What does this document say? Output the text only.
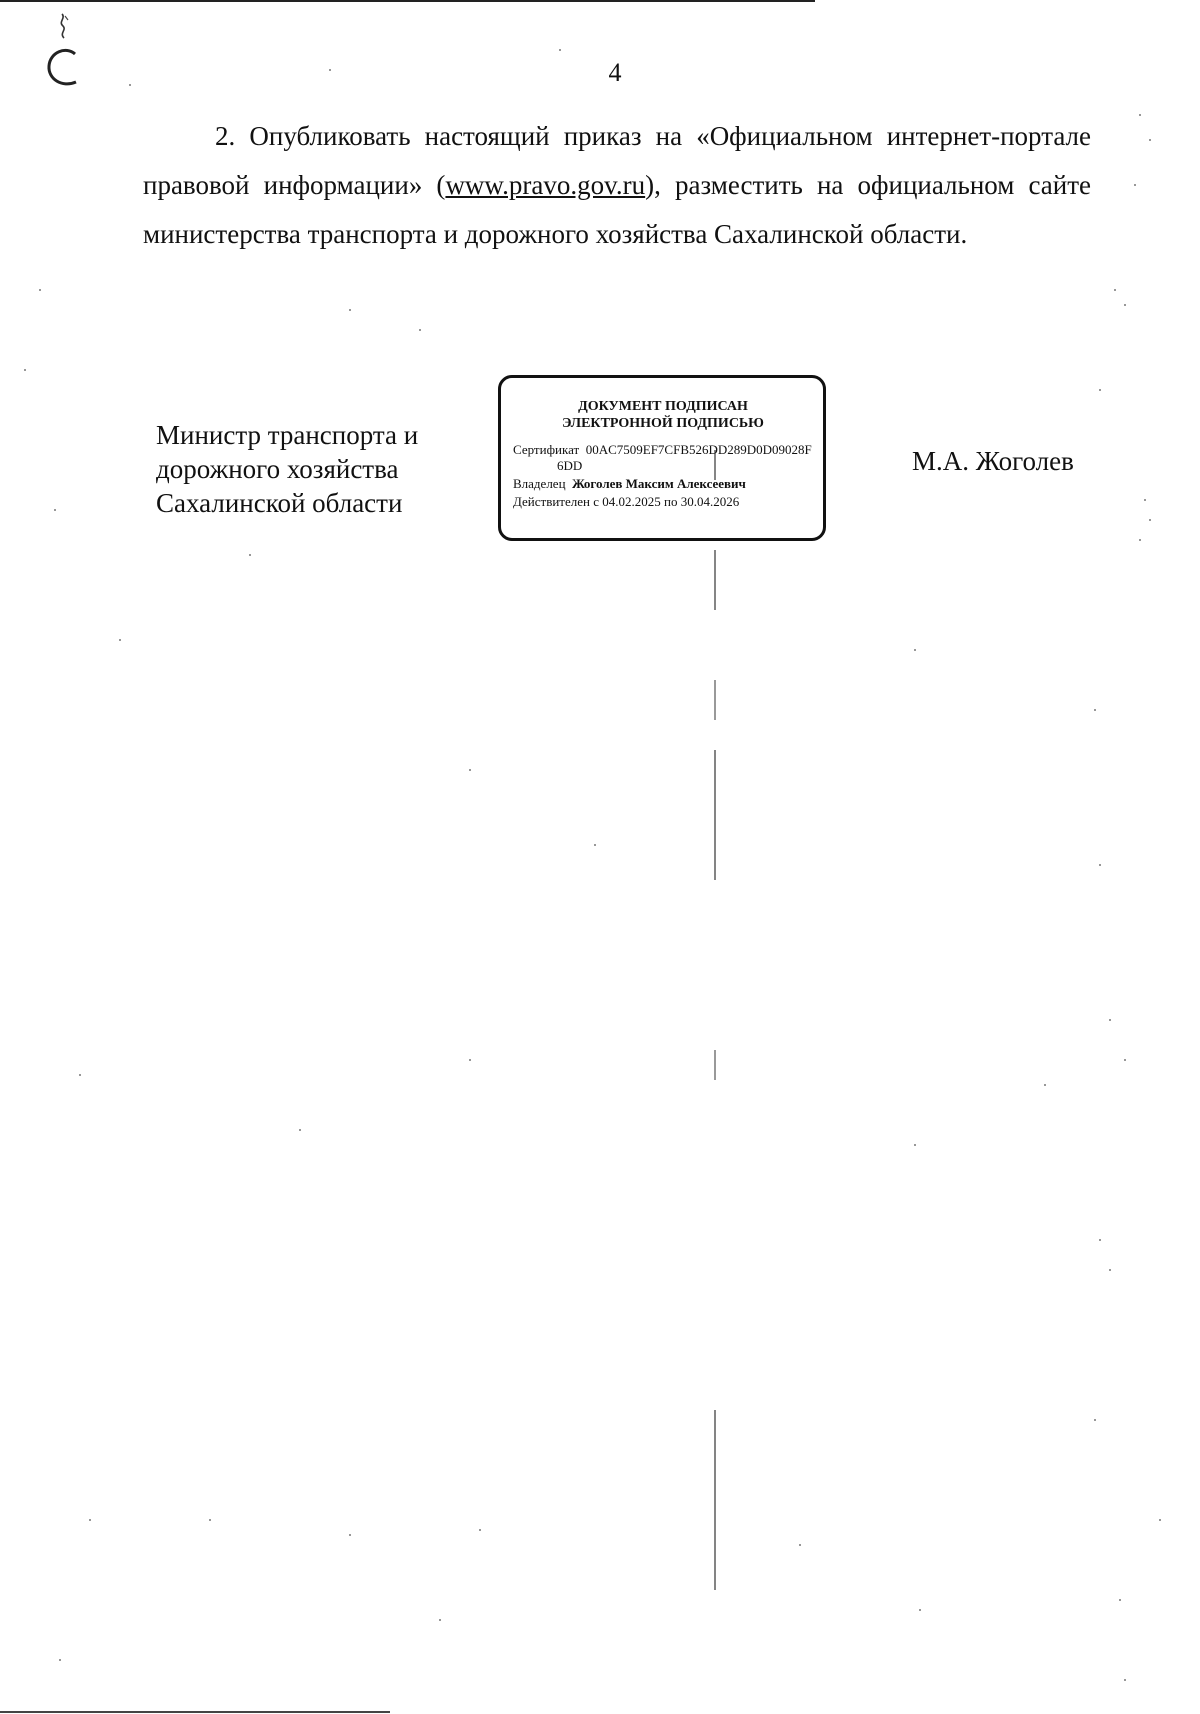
4

2. Опубликовать настоящий приказ на «Официальном интернет-портале правовой информации» (www.pravo.gov.ru), разместить на официальном сайте министерства транспорта и дорожного хозяйства Сахалинской области.

Министр транспорта и
дорожного хозяйства
Сахалинской области
ДОКУМЕНТ ПОДПИСАН
ЭЛЕКТРОННОЙ ПОДПИСЬЮ
Сертификат 00AC7509EF7CFB526DD289D0D09028F
6DD
Владелец Жоголев Максим Алексеевич
Действителен с 04.02.2025 по 30.04.2026
М.А. Жоголев
